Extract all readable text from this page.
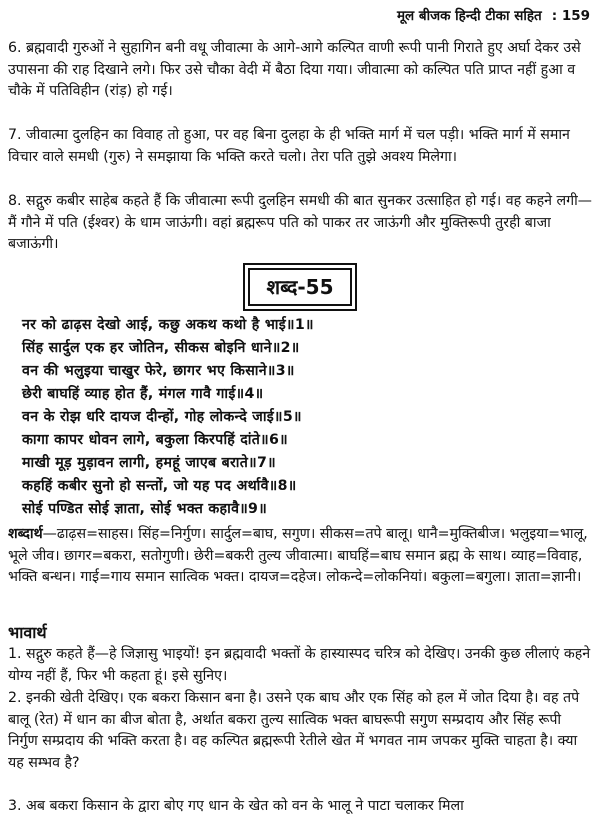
मूल बीजक हिन्दी टीका सहित : 159

6. ब्रह्मवादी गुरुओं ने सुहागिन बनी वधू जीवात्मा के आगे-आगे कल्पित वाणी रूपी पानी गिराते हुए अर्घा देकर उसे उपासना की राह दिखाने लगे। फिर उसे चौका वेदी में बैठा दिया गया। जीवात्मा को कल्पित पति प्राप्त नहीं हुआ व चौके में पतिविहीन (रांड़) हो गई।

7. जीवात्मा दुलहिन का विवाह तो हुआ, पर वह बिना दुलहा के ही भक्ति मार्ग में चल पड़ी। भक्ति मार्ग में समान विचार वाले समधी (गुरु) ने समझाया कि भक्ति करते चलो। तेरा पति तुझे अवश्य मिलेगा।

8. सद्गुरु कबीर साहेब कहते हैं कि जीवात्मा रूपी दुलहिन समधी की बात सुनकर उत्साहित हो गई। वह कहने लगी—मैं गौने में पति (ईश्वर) के धाम जाऊंगी। वहां ब्रह्मरूप पति को पाकर तर जाऊंगी और मुक्तिरूपी तुरही बाजा बजाऊंगी।

शब्द-55
नर को ढाढ़स देखो आई, कछु अकथ कथो है भाई॥1॥
सिंह सार्दुल एक हर जोतिन, सीकस बोइनि धाने॥2॥
वन की भलुइया चाखुर फेरे, छागर भए किसाने॥3॥
छेरी बाघहिं व्याह होत हैं, मंगल गावै गाई॥4॥
वन के रोझ धरि दायज दीन्हों, गोह लोकन्दे जाई॥5॥
कागा कापर धोवन लागे, बकुला किरपहिं दांते॥6॥
माखी मूड़ मुड़ावन लागी, हमहूं जाएब बराते॥7॥
कहहिं कबीर सुनो हो सन्तों, जो यह पद अर्थावै॥8॥
सोई पण्डित सोई ज्ञाता, सोई भक्त कहावै॥9॥

शब्दार्थ—ढाढ़स=साहस। सिंह=निर्गुण। सार्दुल=बाघ, सगुण। सीकस=तपे बालू। धानै=मुक्तिबीज। भलुइया=भालू, भूले जीव। छागर=बकरा, सतोगुणी। छेरी=बकरी तुल्य जीवात्मा। बाघहिं=बाघ समान ब्रह्म के साथ। व्याह=विवाह, भक्ति बन्धन। गाई=गाय समान सात्विक भक्त। दायज=दहेज। लोकन्दे=लोकनियां। बकुला=बगुला। ज्ञाता=ज्ञानी।

भावार्थ

1. सद्गुरु कहते हैं—हे जिज्ञासु भाइयों! इन ब्रह्मवादी भक्तों के हास्यास्पद चरित्र को देखिए। उनकी कुछ लीलाएं कहने योग्य नहीं हैं, फिर भी कहता हूं। इसे सुनिए।

2. इनकी खेती देखिए। एक बकरा किसान बना है। उसने एक बाघ और एक सिंह को हल में जोत दिया है। वह तपे बालू (रेत) में धान का बीज बोता है, अर्थात बकरा तुल्य सात्विक भक्त बाघरूपी सगुण सम्प्रदाय और सिंह रूपी निर्गुण सम्प्रदाय की भक्ति करता है। वह कल्पित ब्रह्मरूपी रेतीले खेत में भगवत नाम जपकर मुक्ति चाहता है। क्या यह सम्भव है?

3. अब बकरा किसान के द्वारा बोए गए धान के खेत को वन के भालू ने पाटा चलाकर मिला
